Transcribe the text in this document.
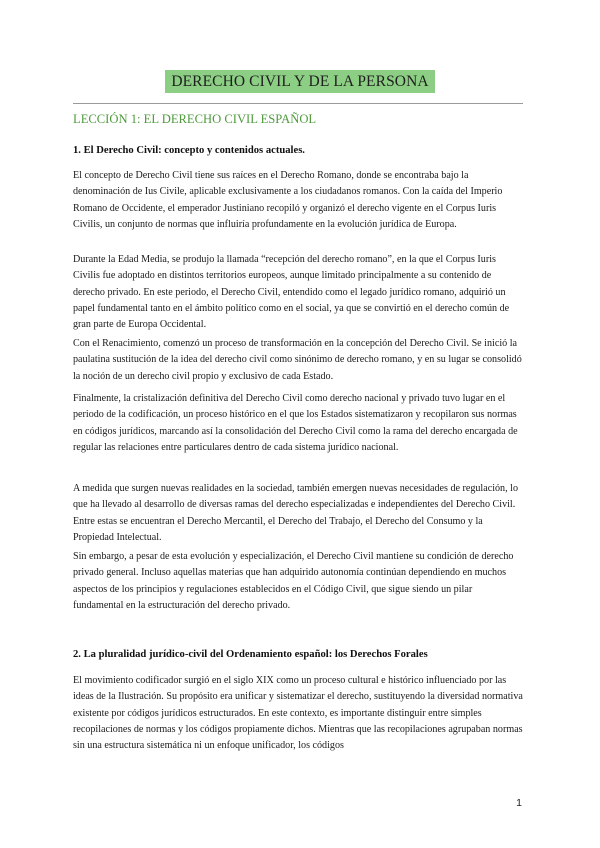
DERECHO CIVIL Y DE LA PERSONA
LECCIÓN 1: EL DERECHO CIVIL ESPAÑOL
1. El Derecho Civil: concepto y contenidos actuales.

El concepto de Derecho Civil tiene sus raíces en el Derecho Romano, donde se encontraba bajo la denominación de Ius Civile, aplicable exclusivamente a los ciudadanos romanos. Con la caída del Imperio Romano de Occidente, el emperador Justiniano recopiló y organizó el derecho vigente en el Corpus Iuris Civilis, un conjunto de normas que influiría profundamente en la evolución jurídica de Europa.

Durante la Edad Media, se produjo la llamada “recepción del derecho romano”, en la que el Corpus Iuris Civilis fue adoptado en distintos territorios europeos, aunque limitado principalmente a su contenido de derecho privado. En este periodo, el Derecho Civil, entendido como el legado jurídico romano, adquirió un papel fundamental tanto en el ámbito político como en el social, ya que se convirtió en el derecho común de gran parte de Europa Occidental.

Con el Renacimiento, comenzó un proceso de transformación en la concepción del Derecho Civil. Se inició la paulatina sustitución de la idea del derecho civil como sinónimo de derecho romano, y en su lugar se consolidó la noción de un derecho civil propio y exclusivo de cada Estado.

Finalmente, la cristalización definitiva del Derecho Civil como derecho nacional y privado tuvo lugar en el periodo de la codificación, un proceso histórico en el que los Estados sistematizaron y recopilaron sus normas en códigos jurídicos, marcando así la consolidación del Derecho Civil como la rama del derecho encargada de regular las relaciones entre particulares dentro de cada sistema jurídico nacional.

A medida que surgen nuevas realidades en la sociedad, también emergen nuevas necesidades de regulación, lo que ha llevado al desarrollo de diversas ramas del derecho especializadas e independientes del Derecho Civil. Entre estas se encuentran el Derecho Mercantil, el Derecho del Trabajo, el Derecho del Consumo y la Propiedad Intelectual.

Sin embargo, a pesar de esta evolución y especialización, el Derecho Civil mantiene su condición de derecho privado general. Incluso aquellas materias que han adquirido autonomía continúan dependiendo en muchos aspectos de los principios y regulaciones establecidos en el Código Civil, que sigue siendo un pilar fundamental en la estructuración del derecho privado.

2. La pluralidad jurídico-civil del Ordenamiento español: los Derechos Forales

El movimiento codificador surgió en el siglo XIX como un proceso cultural e histórico influenciado por las ideas de la Ilustración. Su propósito era unificar y sistematizar el derecho, sustituyendo la diversidad normativa existente por códigos jurídicos estructurados. En este contexto, es importante distinguir entre simples recopilaciones de normas y los códigos propiamente dichos. Mientras que las recopilaciones agrupaban normas sin una estructura sistemática ni un enfoque unificador, los códigos

1
